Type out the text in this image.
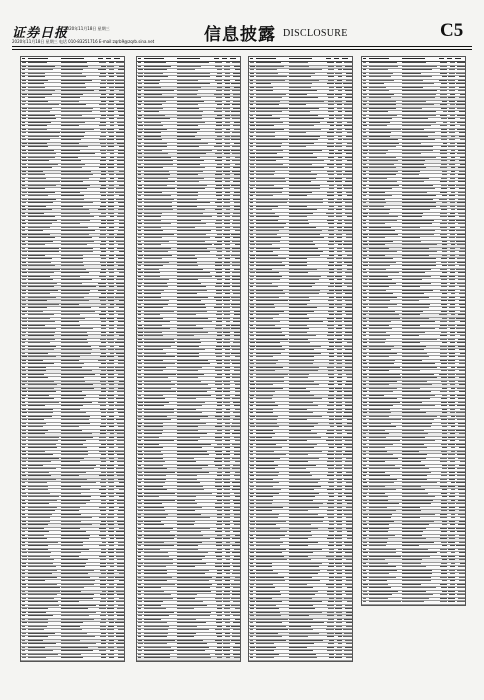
证券日报
2020年11月18日 星期三
2020年11月18日 星期三 电话 010-83251716 E-mail:zqrb9@zqrb.sina.net	信息披露 DISCLOSURE	C5
